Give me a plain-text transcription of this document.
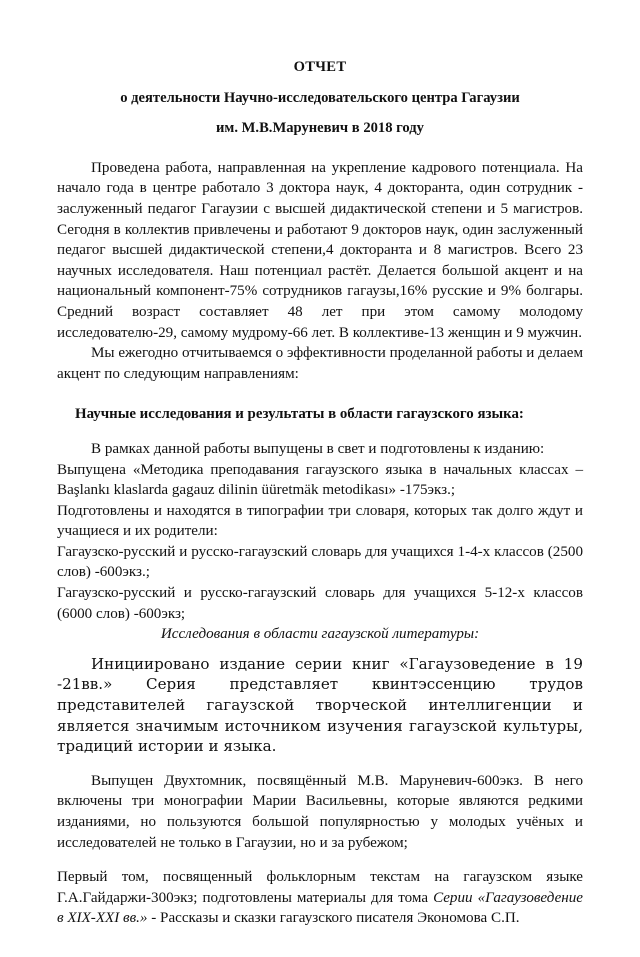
ОТЧЕТ
о деятельности Научно-исследовательского центра Гагаузии
им. М.В.Маруневич в 2018 году

Проведена работа, направленная на укрепление кадрового потенциала. На начало года в центре работало 3 доктора наук, 4 докторанта, один сотрудник - заслуженный педагог Гагаузии с высшей дидактической степени и 5 магистров. Сегодня в коллектив привлечены и работают 9 докторов наук, один заслуженный педагог высшей дидактической степени,4 докторанта и 8 магистров. Всего 23 научных исследователя. Наш потенциал растёт. Делается большой акцент и на национальный компонент-75% сотрудников гагаузы,16% русские и 9% болгары. Средний возраст составляет 48 лет при этом самому молодому исследователю-29, самому мудрому-66 лет. В коллективе-13 женщин и 9 мужчин.

Мы ежегодно отчитываемся о эффективности проделанной работы и делаем акцент по следующим направлениям:

Научные исследования и результаты в области гагаузского языка:

В рамках данной работы выпущены в свет и подготовлены к изданию:

Выпущена «Методика преподавания гагаузского языка в начальных классах – Başlankı klaslarda gagauz dilinin üüretmäk metodikası» -175экз.;

Подготовлены и находятся в типографии три словаря, которых так долго ждут и учащиеся и их родители:

Гагаузско-русский и русско-гагаузский словарь для учащихся 1-4-х классов (2500 слов) -600экз.;

Гагаузско-русский и русско-гагаузский словарь для учащихся 5-12-х классов (6000 слов) -600экз;

Исследования в области гагаузской литературы:

Инициировано издание серии книг «Гагаузоведение в 19 -21вв.» Серия представляет квинтэссенцию трудов представителей гагаузской творческой интеллигенции и является значимым источником изучения гагаузской культуры, традиций истории и языка.

Выпущен Двухтомник, посвящённый М.В. Маруневич-600экз. В него включены три монографии Марии Васильевны, которые являются редкими изданиями, но пользуются большой популярностью у молодых учёных и исследователей не только в Гагаузии, но и за рубежом;

Первый том, посвященный фольклорным текстам на гагаузском языке Г.А.Гайдаржи-300экз; подготовлены материалы для тома Серии «Гагаузоведение в XIX-XXI вв.» - Рассказы и сказки гагаузского писателя Экономова С.П.
